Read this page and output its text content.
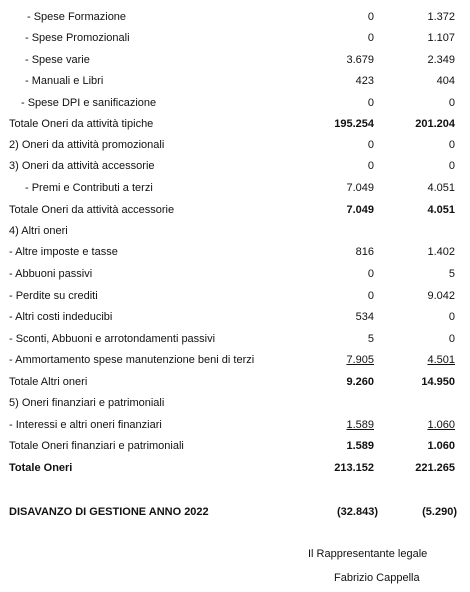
- Spese Formazione	0	1.372
- Spese Promozionali	0	1.107
- Spese varie	3.679	2.349
- Manuali e Libri	423	404
- Spese DPI e sanificazione	0	0
Totale Oneri da attività tipiche	195.254	201.204
2) Oneri da attività promozionali	0	0
3) Oneri da attività accessorie	0	0
- Premi e Contributi a terzi	7.049	4.051
Totale Oneri da attività accessorie	7.049	4.051
4) Altri oneri
- Altre imposte e tasse	816	1.402
- Abbuoni passivi	0	5
- Perdite su crediti	0	9.042
- Altri costi indeducibi	534	0
- Sconti, Abbuoni e arrotondamenti passivi	5	0
- Ammortamento spese manutenzione beni di terzi	7.905	4.501
Totale Altri oneri	9.260	14.950
5) Oneri finanziari e patrimoniali
- Interessi e altri oneri finanziari	1.589	1.060
Totale Oneri finanziari e patrimoniali	1.589	1.060
Totale Oneri	213.152	221.265
DISAVANZO DI GESTIONE ANNO 2022	(32.843)	(5.290)
Il Rappresentante legale
Fabrizio Cappella
